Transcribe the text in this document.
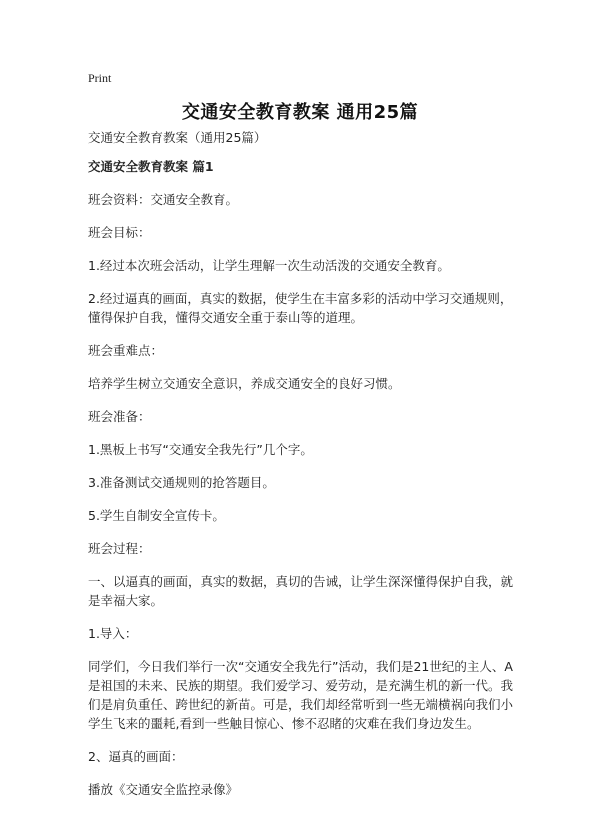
Print
交通安全教育教案 通用25篇
交通安全教育教案（通用25篇）
交通安全教育教案 篇1
班会资料：交通安全教育。
班会目标：
1.经过本次班会活动，让学生理解一次生动活泼的交通安全教育。
2.经过逼真的画面，真实的数据，使学生在丰富多彩的活动中学习交通规则，懂得保护自我，懂得交通安全重于泰山等的道理。
班会重难点：
培养学生树立交通安全意识，养成交通安全的良好习惯。
班会准备：
1.黑板上书写“交通安全我先行”几个字。
3.准备测试交通规则的抢答题目。
5.学生自制安全宣传卡。
班会过程：
一、以逼真的画面，真实的数据，真切的告诫，让学生深深懂得保护自我，就是幸福大家。
1.导入：
同学们，今日我们举行一次“交通安全我先行”活动，我们是21世纪的主人、A是祖国的未来、民族的期望。我们爱学习、爱劳动，是充满生机的新一代。我们是肩负重任、跨世纪的新苗。可是，我们却经常听到一些无端横祸向我们小学生飞来的噩耗,看到一些触目惊心、惨不忍睹的灾难在我们身边发生。
2、逼真的画面：
播放《交通安全监控录像》
